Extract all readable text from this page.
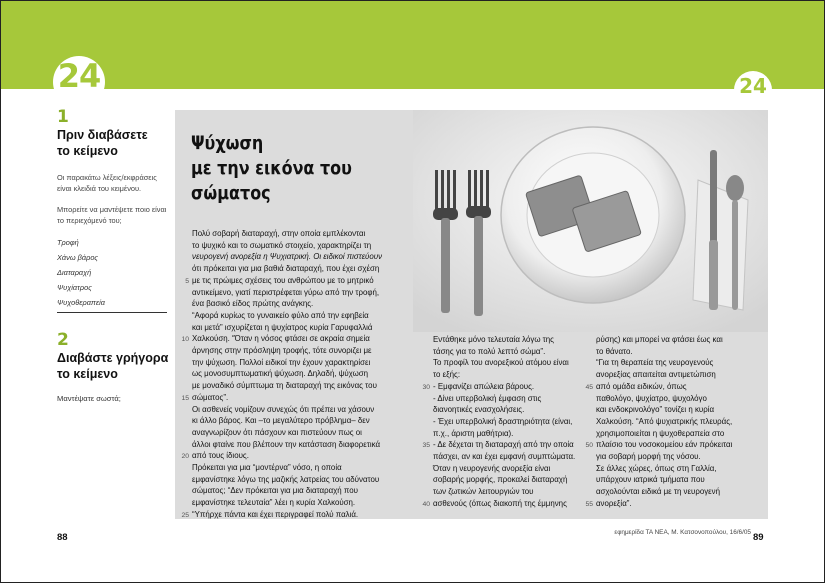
24	24
1
Πριν διαβάσετε
το κείμενο
Οι παρακάτω λέξεις/εκφράσεις
είναι κλειδιά του κειμένου.
Μπορείτε να μαντέψετε ποιο είναι
το περιεχόμενό του;
Τροφή
Χάνω βάρος
Διαταραχή
Ψυχίατρος
Ψυχοθεραπεία
2
Διαβάστε γρήγορα
το κείμενο
Μαντέψατε σωστά;
Ψύχωση
με την εικόνα του
σώματος

Πολύ σοβαρή διαταραχή, στην οποία εμπλέκονται

το ψυχικό και το σωματικό στοιχείο, χαρακτηρίζει τη

νευρογενή ανορεξία η Ψυχιατρική. Οι ειδικοί πιστεύουν

ότι πρόκειται για μια βαθιά διαταραχή, που έχει σχέση

5 με τις πρώιμες σχέσεις του ανθρώπου με το μητρικό

αντικείμενο, γιατί περιστρέφεται γύρω από την τροφή,

ένα βασικό είδος πρώτης ανάγκης.

“Αφορά κυρίως το γυναικείο φύλο από την εφηβεία

και μετά” ισχυρίζεται η ψυχίατρος κυρία Γαρυφαλλιά

10 Χαλκούση. “Όταν η νόσος φτάσει σε ακραία σημεία

άρνησης στην πρόσληψη τροφής, τότε συνοριζει με

την ψύχωση. Πολλοί ειδικοί την έχουν χαρακτηρίσει

ως μονοσυμπτωματική ψύχωση. Δηλαδή, ψύχωση

με μοναδικό σύμπτωμα τη διαταραχή της εικόνας του

15 σώματος”.

Οι ασθενείς νομίζουν συνεχώς ότι πρέπει να χάσουν

κι άλλο βάρος. Και –το μεγαλύτερο πρόβλημα– δεν

αναγνωρίζουν ότι πάσχουν και πιστεύουν πως οι

άλλοι φταίνε που βλέπουν την κατάσταση διαφορετικά

20 από τους ίδιους.

Πρόκειται για μια “μοντέρνα” νόσο, η οποία

εμφανίστηκε λόγω της μαζικής λατρείας του αδύνατου

σώματος; “Δεν πρόκειται για μια διαταραχή που

εμφανίστηκε τελευταία” λέει η κυρία Χαλκούση.

25 “Υπήρχε πάντα και έχει περιγραφεί πολύ παλιά.

Εντάθηκε μόνο τελευταία λόγω της

τάσης για το πολύ λεπτό σώμα”.

Το προφίλ του ανορεξικού ατόμου είναι

το εξής:

30 - Εμφανίζει απώλεια βάρους.

- Δίνει υπερβολική έμφαση στις

διανοητικές ενασχολήσεις.

- Έχει υπερβολική δραστηριότητα (είναι,

π.χ., άριστη μαθήτρια).

35 - Δε δέχεται τη διαταραχή από την οποία

πάσχει, αν και έχει εμφανή συμπτώματα.

Όταν η νευρογενής ανορεξία είναι

σοβαρής μορφής, προκαλεί διαταραχή

των ζωτικών λειτουργιών του

40 ασθενούς (όπως διακοπή της έμμηνης

ρύσης) και μπορεί να φτάσει έως και

το θάνατο.

“Για τη θεραπεία της νευρογενούς

ανορεξίας απαιτείται αντιμετώπιση

45 από ομάδα ειδικών, όπως

παθολόγο, ψυχίατρο, ψυχολόγο

και ενδοκρινολόγο” τονίζει η κυρία

Χαλκούση. “Από ψυχιατρικής πλευράς,

χρησιμοποιείται η ψυχοθεραπεία στο

50 πλαίσιο του νοσοκομείου εάν πρόκειται

για σοβαρή μορφή της νόσου.

Σε άλλες χώρες, όπως στη Γαλλία,

υπάρχουν ιατρικά τμήματα που

ασχολούνται ειδικά με τη νευρογενή

55 ανορεξία”.

εφημερίδα ΤΑ ΝΕΑ, Μ. Κατσονοπούλου, 16/6/05
88	89
